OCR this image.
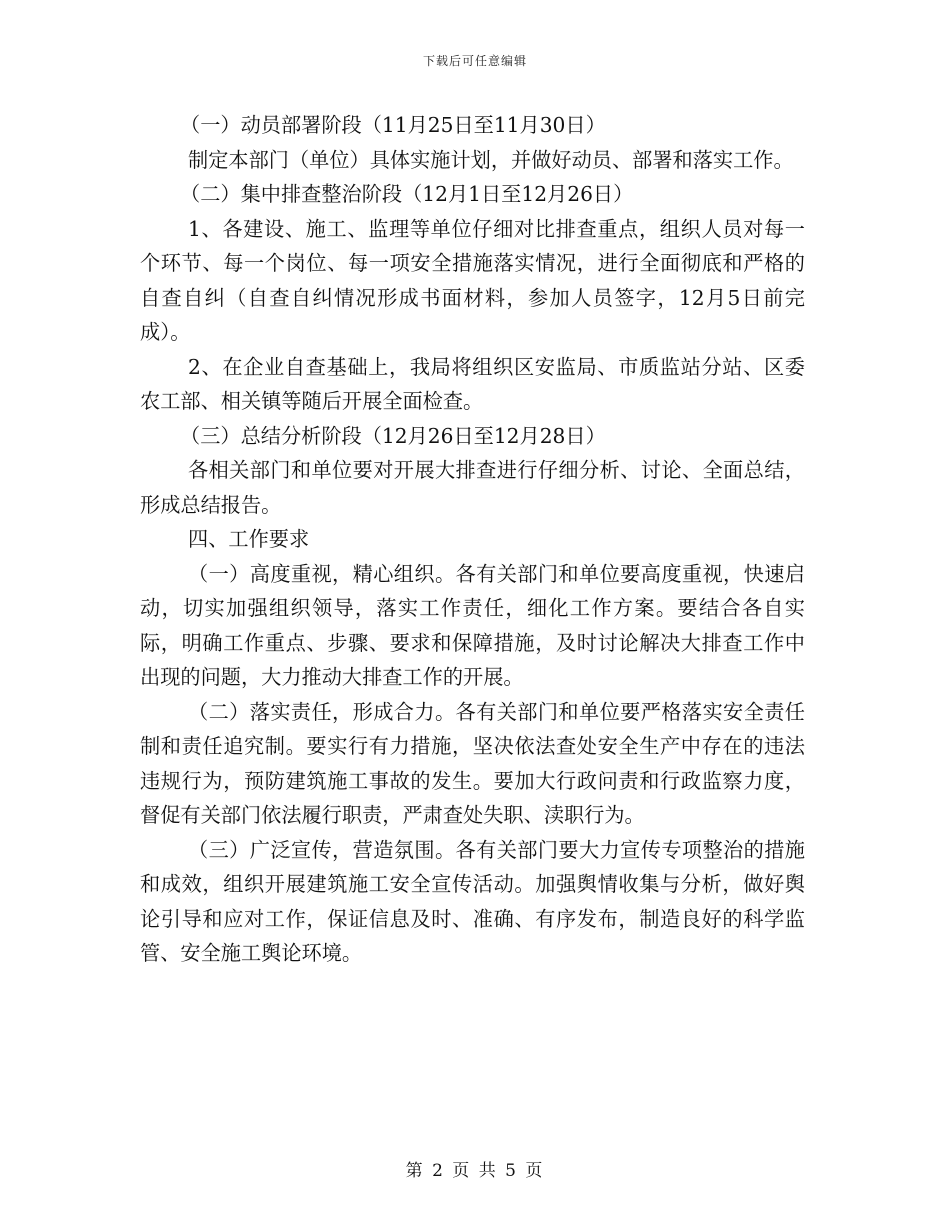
下载后可任意编辑

（一）动员部署阶段（11月25日至11月30日）

制定本部门（单位）具体实施计划，并做好动员、部署和落实工作。

（二）集中排查整治阶段（12月1日至12月26日）

1、各建设、施工、监理等单位仔细对比排查重点，组织人员对每一个环节、每一个岗位、每一项安全措施落实情况，进行全面彻底和严格的自查自纠（自查自纠情况形成书面材料，参加人员签字，12月5日前完成）。

2、在企业自查基础上，我局将组织区安监局、市质监站分站、区委农工部、相关镇等随后开展全面检查。

（三）总结分析阶段（12月26日至12月28日）

各相关部门和单位要对开展大排查进行仔细分析、讨论、全面总结，形成总结报告。

四、工作要求

（一）高度重视，精心组织。各有关部门和单位要高度重视，快速启动，切实加强组织领导，落实工作责任，细化工作方案。要结合各自实际，明确工作重点、步骤、要求和保障措施，及时讨论解决大排查工作中出现的问题，大力推动大排查工作的开展。

（二）落实责任，形成合力。各有关部门和单位要严格落实安全责任制和责任追究制。要实行有力措施，坚决依法查处安全生产中存在的违法违规行为，预防建筑施工事故的发生。要加大行政问责和行政监察力度，督促有关部门依法履行职责，严肃查处失职、渎职行为。

（三）广泛宣传，营造氛围。各有关部门要大力宣传专项整治的措施和成效，组织开展建筑施工安全宣传活动。加强舆情收集与分析，做好舆论引导和应对工作，保证信息及时、准确、有序发布，制造良好的科学监管、安全施工舆论环境。

第 2 页 共 5 页
